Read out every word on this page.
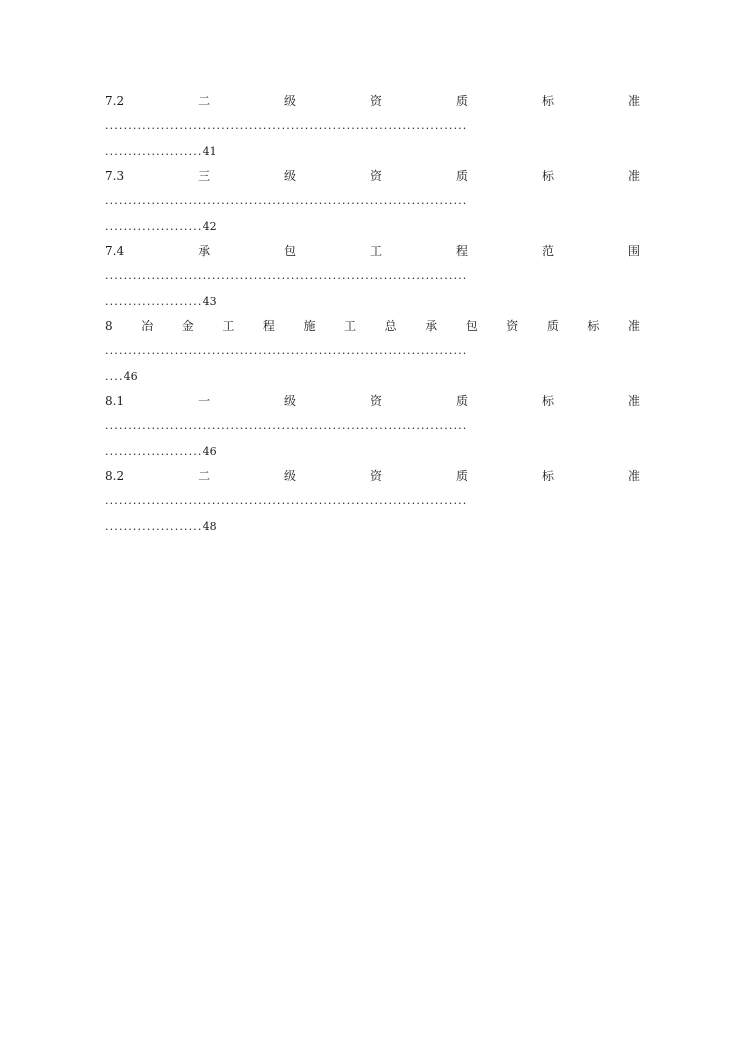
7.2	二	级	资	质	标	准
..............................................................................
.....................41
7.3	三	级	资	质	标	准
..............................................................................
.....................42
7.4	承	包	工	程	范	围
..............................................................................
.....................43
8 冶 金 工 程 施 工 总 承 包 资 质 标 准
..............................................................................
....46
8.1	一	级	资	质	标	准
..............................................................................
.....................46
8.2	二	级	资	质	标	准
..............................................................................
.....................48
